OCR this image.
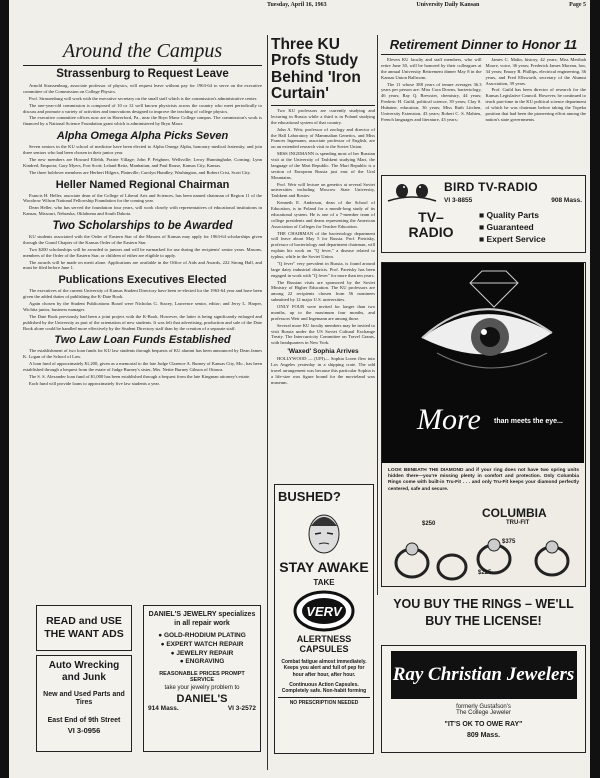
Tuesday, April 16, 1963	University Daily Kansan	Page 5
Around the Campus
Strassenburg to Request Leave

Arnold Strassenburg, associate professor of physics, will request leave without pay for 1963-64 to serve on the executive committee of the Commission on College Physics.

Prof. Strassenburg will work with the executive secretary on the small staff which is the commission's administrative center.

The one-year-old commission is composed of 10 or 12 well known physicists across the country who meet periodically to discuss and promote a variety of activities and innovations designed to improve the teaching of college physics.

The executive committee offices now are in Haverford, Pa., near the Bryn Mawr College campus. The commission's work is financed by a National Science Foundation grant which is administered by Bryn Mawr.

Alpha Omega Alpha Picks Seven

Seven seniors in the KU school of medicine have been elected to Alpha Omega Alpha, honorary medical fraternity, and join three seniors who had been chosen in their junior year.

The new members are Howard Elfeldt, Prairie Village; John P. Feighner, Wellsville; Leroy Hunninghake, Corning; Lynn Kindred, Emporia; Gary Myers, Fort Scott; Leland Reitz, Manhattan; and Paul Rouse, Kansas City, Kansas.

The three holdover members are Herbert Hilgers, Plainville; Carolyn Hundley, Washington, and Robert Crist, Scott City.

Heller Named Regional Chairman

Francis H. Heller, associate dean of the College of Liberal Arts and Sciences, has been named chairman of Region 11 of the Woodrow Wilson National Fellowship Foundation for the coming year.

Dean Heller, who has served the foundation four years, will work closely with representatives of educational institutions in Kansas, Missouri, Nebraska, Oklahoma and South Dakota.

Two Scholarships to be Awarded

KU students associated with the Order of Eastern Star of the Masons of Kansas may apply for 1963-64 scholarships given through the Grand Chapter of the Kansas Order of the Eastern Star.

Two $200 scholarships will be awarded to juniors and will be earmarked for use during the recipients' senior years. Masons, members of the Order of the Eastern Star, or children of either are eligible to apply.

The awards will be made on merit alone. Applications are available in the Office of Aids and Awards, 222 Strong Hall, and must be filed before June 1.

Publications Executives Elected

The executives of the current University of Kansas Student Directory have been re-elected for the 1963-64 year and have been given the added duties of publishing the K-Date Book.

Again chosen by the Student Publications Board were Nicholas G. Stacey, Lawrence senior, editor; and Jerry L. Harper, Wichita junior, business manager.

The Date Book previously had been a joint project with the K-Book. However, the latter is being significantly enlarged and published by the University as part of the orientation of new students. It was felt that advertising, production and sale of the Date Book alone could be handled more effectively by the Student Directory staff than by the creation of a separate staff.

Two Law Loan Funds Established

The establishment of two loan funds for KU law students through bequests of KU alumni has been announced by Dean James K. Logan of the School of Law.

A loan fund of approximately $1,200, given as a memorial to the late Judge Clarence A. Burney of Kansas City, Mo., has been established through a bequest from the estate of Judge Burney's sister, Mrs. Nettie Burney Gibson of Ottawa.

The S. S. Alexander loan fund of $1,000 has been established through a bequest from the late Kingman attorney's estate.

Each fund will provide loans to approximately five law students a year.

READ and USE THE WANT ADS
Auto Wrecking and Junk
New and Used Parts and Tires
East End of 9th Street
VI 3-0956
DANIEL'S JEWELRY specializes in all repair work
● GOLD-RHODIUM PLATING
● EXPERT WATCH REPAIR
● JEWELRY REPAIR
● ENGRAVING
REASONABLE PRICES PROMPT SERVICE
take your jewelry problem to
DANIEL'S
914 Mass.	VI 3-2572
Three KU Profs Study Behind 'Iron Curtain'

Two KU professors are currently studying and lecturing in Russia while a third is in Poland studying the educational system of that country.

John A. Weir, professor of zoology and director of the Hall Laboratory of Mammalian Genetics, and Miss Frances Ingemann, associate professor of English, are on an extended research visit to the Soviet Union.

MISS INGEMANN is spending most of her Russian visit at the University of Tashkent studying Mari, the language of the Mari Republic. The Mari Republic is a section of European Russia just east of the Ural Mountains.

Prof. Weir will lecture on genetics at several Soviet universities including Moscow State University, Tashkent and Rostov.

Kenneth E. Anderson, dean of the School of Education, is in Poland for a month-long study of its educational system. He is one of a 7-member team of college presidents and deans representing the American Association of Colleges for Teacher Education.

THE CHAIRMAN of the bacteriology department will leave about May 5 for Russia. Prof. Pietrisky, professor of bacteriology and department chairman, will explain his work on "Q fever," a disease related to typhus, while in the Soviet Union.

"Q fever" very prevalent in Russia, is found around large dairy industrial districts. Prof. Paretsky has been engaged in work with "Q fever" for more than ten years.

The Russian visits are sponsored by the Soviet Ministry of Higher Education. The KU professors are among 22 recipients chosen from 56 nominees submitted by 12 major U.S. universities.

ONLY FOUR were invited for longer than two months, up to the maximum four months, and professors Weir and Ingemann are among those.

Several more KU faculty members may be invited to visit Russia under the US Soviet Cultural Exchange Treaty. The Intercurricity Committee on Travel Grants, with headquarters in New York.

'Waxed' Sophia Arrives

HOLLYWOOD — (UPI)— Sophia Loren flew into Los Angeles yesterday in a shipping crate. The odd travel arrangement was because this particular Sophia is a life-size wax figure bound for the movieland wax museum.

BUSHED?
STAY AWAKE
TAKE
VERV
ALERTNESS CAPSULES
Combat fatigue almost immediately. Keeps you alert and full of pep for hour after hour, after hour.
Continuous Action Capsules. Completely safe. Non-habit forming
NO PRESCRIPTION NEEDED
Retirement Dinner to Honor 11

Eleven KU faculty and staff members, who will retire June 30, will be honored by their colleagues at the annual University Retirement dinner May 8 in the Kansas Union Ballroom.

The 11 whose 388 years of tenure averages 36.3 years per person are: Miss Cora Downs, bacteriology, 46 years; Ray Q. Brewster, chemistry, 44 years; Frederic H. Guild, political science, 39 years; Clay S. Hubaine, education, 36 years; Miss Ruth Litchen, University Extension, 43 years; Robert C. S. Mahieu, French languages and literature, 43 years;

James C. Malin, history, 42 years; Miss Meribah Moore, voice, 36 years; Frederick James Moreau, law, 34 years; Emory R. Phillips, electrical engineering, 36 years, and Fred Ellsworth, secretary of the Alumni Association, 39 years.

Prof. Guild has been director of research for the Kansas Legislative Council. However, he continued to teach part-time in the KU political science department of which he was chairman before taking the Topeka position that had been the pioneering effort among the nation's state governments.

BIRD TV-RADIO
VI 3-8855	908 Mass.
TV–
RADIO
■ Quality Parts
■ Guaranteed
■ Expert Service
More than meets the eye...
LOOK BENEATH THE DIAMOND and if your ring does not have two spring units hidden there—you're missing plenty in comfort and protection. Only Columbia Rings come with built-in Tru-Fit . . . and only Tru-Fit keeps your diamond perfectly centered, safe and secure.
COLUMBIA
TRU-FIT
$250
$375
$225
YOU BUY THE RINGS – WE'LL BUY THE LICENSE!
Ray Christian Jewelers
formerly Gustafson's
The College Jeweler
"IT'S OK TO OWE RAY"
809 Mass.
